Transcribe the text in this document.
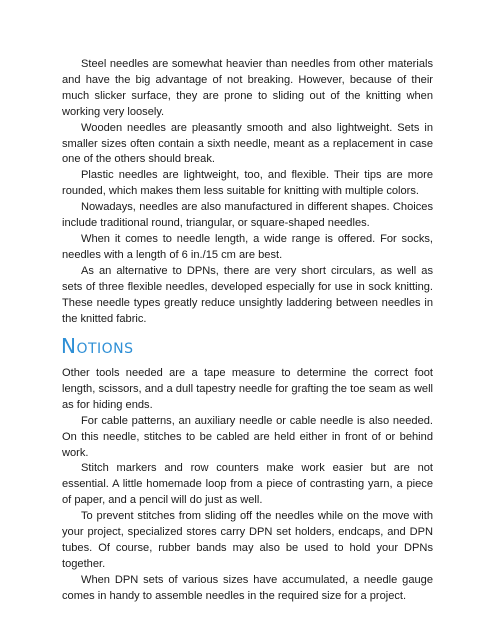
Steel needles are somewhat heavier than needles from other materials and have the big advantage of not breaking. However, because of their much slicker surface, they are prone to sliding out of the knitting when working very loosely.

Wooden needles are pleasantly smooth and also lightweight. Sets in smaller sizes often contain a sixth needle, meant as a replacement in case one of the others should break.

Plastic needles are lightweight, too, and flexible. Their tips are more rounded, which makes them less suitable for knitting with multiple colors.

Nowadays, needles are also manufactured in different shapes. Choices include traditional round, triangular, or square-shaped needles.

When it comes to needle length, a wide range is offered. For socks, needles with a length of 6 in./15 cm are best.

As an alternative to DPNs, there are very short circulars, as well as sets of three flexible needles, developed especially for use in sock knitting. These needle types greatly reduce unsightly laddering between needles in the knitted fabric.

Notions

Other tools needed are a tape measure to determine the correct foot length, scissors, and a dull tapestry needle for grafting the toe seam as well as for hiding ends.

For cable patterns, an auxiliary needle or cable needle is also needed. On this needle, stitches to be cabled are held either in front of or behind work.

Stitch markers and row counters make work easier but are not essential. A little homemade loop from a piece of contrasting yarn, a piece of paper, and a pencil will do just as well.

To prevent stitches from sliding off the needles while on the move with your project, specialized stores carry DPN set holders, endcaps, and DPN tubes. Of course, rubber bands may also be used to hold your DPNs together.

When DPN sets of various sizes have accumulated, a needle gauge comes in handy to assemble needles in the required size for a project.
